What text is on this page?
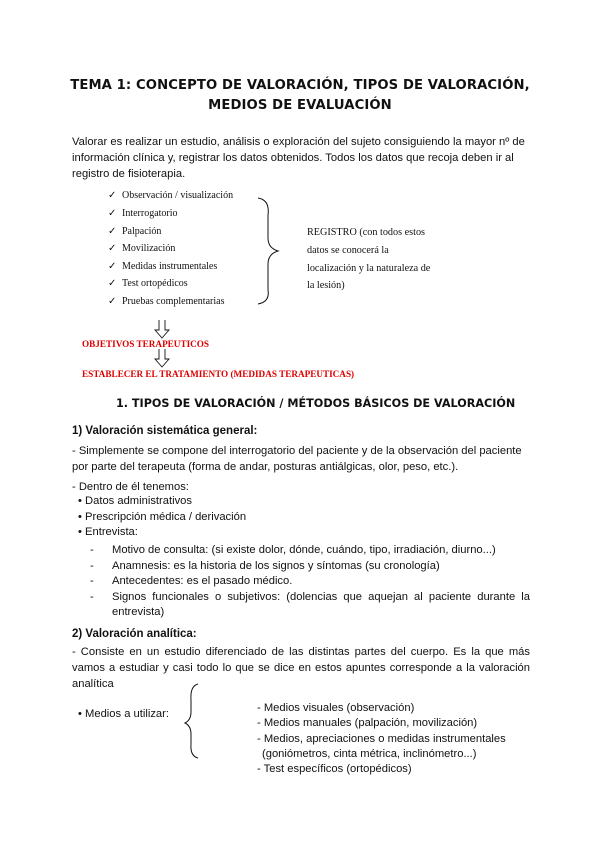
TEMA 1: CONCEPTO DE VALORACIÓN, TIPOS DE VALORACIÓN,
MEDIOS DE EVALUACIÓN
Valorar es realizar un estudio, análisis o exploración del sujeto consiguiendo la mayor nº de
información clínica y, registrar los datos obtenidos. Todos los datos que recoja deben ir al
registro de fisioterapia.
✓ Observación / visualización
✓ Interrogatorio
✓ Palpación
✓ Movilización
✓ Medidas instrumentales
✓ Test ortopédicos
✓ Pruebas complementarias
REGISTRO (con todos estos
datos se conocerá la
localización y la naturaleza de
la lesión)
OBJETIVOS TERAPEUTICOS
ESTABLECER EL TRATAMIENTO (MEDIDAS TERAPEUTICAS)
1. TIPOS DE VALORACIÓN / MÉTODOS BÁSICOS DE VALORACIÓN
1) Valoración sistemática general:
- Simplemente se compone del interrogatorio del paciente y de la observación del paciente
por parte del terapeuta (forma de andar, posturas antiálgicas, olor, peso, etc.).
- Dentro de él tenemos:
• Datos administrativos
• Prescripción médica / derivación
• Entrevista:
- Motivo de consulta: (si existe dolor, dónde, cuándo, tipo, irradiación, diurno...)
- Anamnesis: es la historia de los signos y síntomas (su cronología)
- Antecedentes: es el pasado médico.
- Signos funcionales o subjetivos: (dolencias que aquejan al paciente durante la
entrevista)
2) Valoración analítica:
- Consiste en un estudio diferenciado de las distintas partes del cuerpo. Es la que más
vamos a estudiar y casi todo lo que se dice en estos apuntes corresponde a la valoración
analítica
• Medios a utilizar:	- Medios visuales (observación)
- Medios manuales (palpación, movilización)
- Medios, apreciaciones o medidas instrumentales
(goniómetros, cinta métrica, inclinómetro...)
- Test específicos (ortopédicos)
